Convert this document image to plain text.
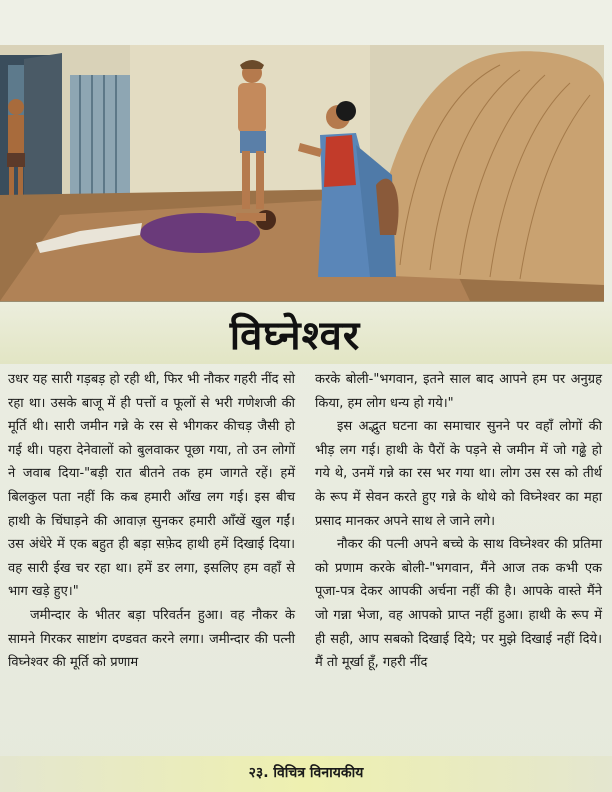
विघ्नेश्वर

उधर यह सारी गड़बड़ हो रही थी, फिर भी नौकर गहरी नींद सो रहा था। उसके बाजू में ही पत्तों व फूलों से भरी गणेशजी की मूर्ति थी। सारी जमीन गन्ने के रस से भीगकर कीचड़ जैसी हो गई थी। पहरा देनेवालों को बुलवाकर पूछा गया, तो उन लोगों ने जवाब दिया-"बड़ी रात बीतने तक हम जागते रहें। हमें बिलकुल पता नहीं कि कब हमारी आँख लग गई। इस बीच हाथी के चिंघाड़ने की आवाज़ सुनकर हमारी आँखें खुल गईं। उस अंधेरे में एक बहुत ही बड़ा सफ़ेद हाथी हमें दिखाई दिया। वह सारी ईख चर रहा था। हमें डर लगा, इसलिए हम वहाँ से भाग खड़े हुए।"

जमीन्दार के भीतर बड़ा परिवर्तन हुआ। वह नौकर के सामने गिरकर साष्टांग दण्डवत करने लगा। जमीन्दार की पत्नी विघ्नेश्वर की मूर्ति को प्रणाम

करके बोली-"भगवान, इतने साल बाद आपने हम पर अनुग्रह किया, हम लोग धन्य हो गये।"

इस अद्भुत घटना का समाचार सुनने पर वहाँ लोगों की भीड़ लग गई। हाथी के पैरों के पड़ने से जमीन में जो गढ्ढे हो गये थे, उनमें गन्ने का रस भर गया था। लोग उस रस को तीर्थ के रूप में सेवन करते हुए गन्ने के थोथे को विघ्नेश्वर का महा प्रसाद मानकर अपने साथ ले जाने लगे।

नौकर की पत्नी अपने बच्चे के साथ विघ्नेश्वर की प्रतिमा को प्रणाम करके बोली-"भगवान, मैंने आज तक कभी एक पूजा-पत्र देकर आपकी अर्चना नहीं की है। आपके वास्ते मैंने जो गन्ना भेजा, वह आपको प्राप्त नहीं हुआ। हाथी के रूप में ही सही, आप सबको दिखाई दिये; पर मुझे दिखाई नहीं दिये। मैं तो मूर्खा हूँ, गहरी नींद

२३. विचित्र विनायकीय
